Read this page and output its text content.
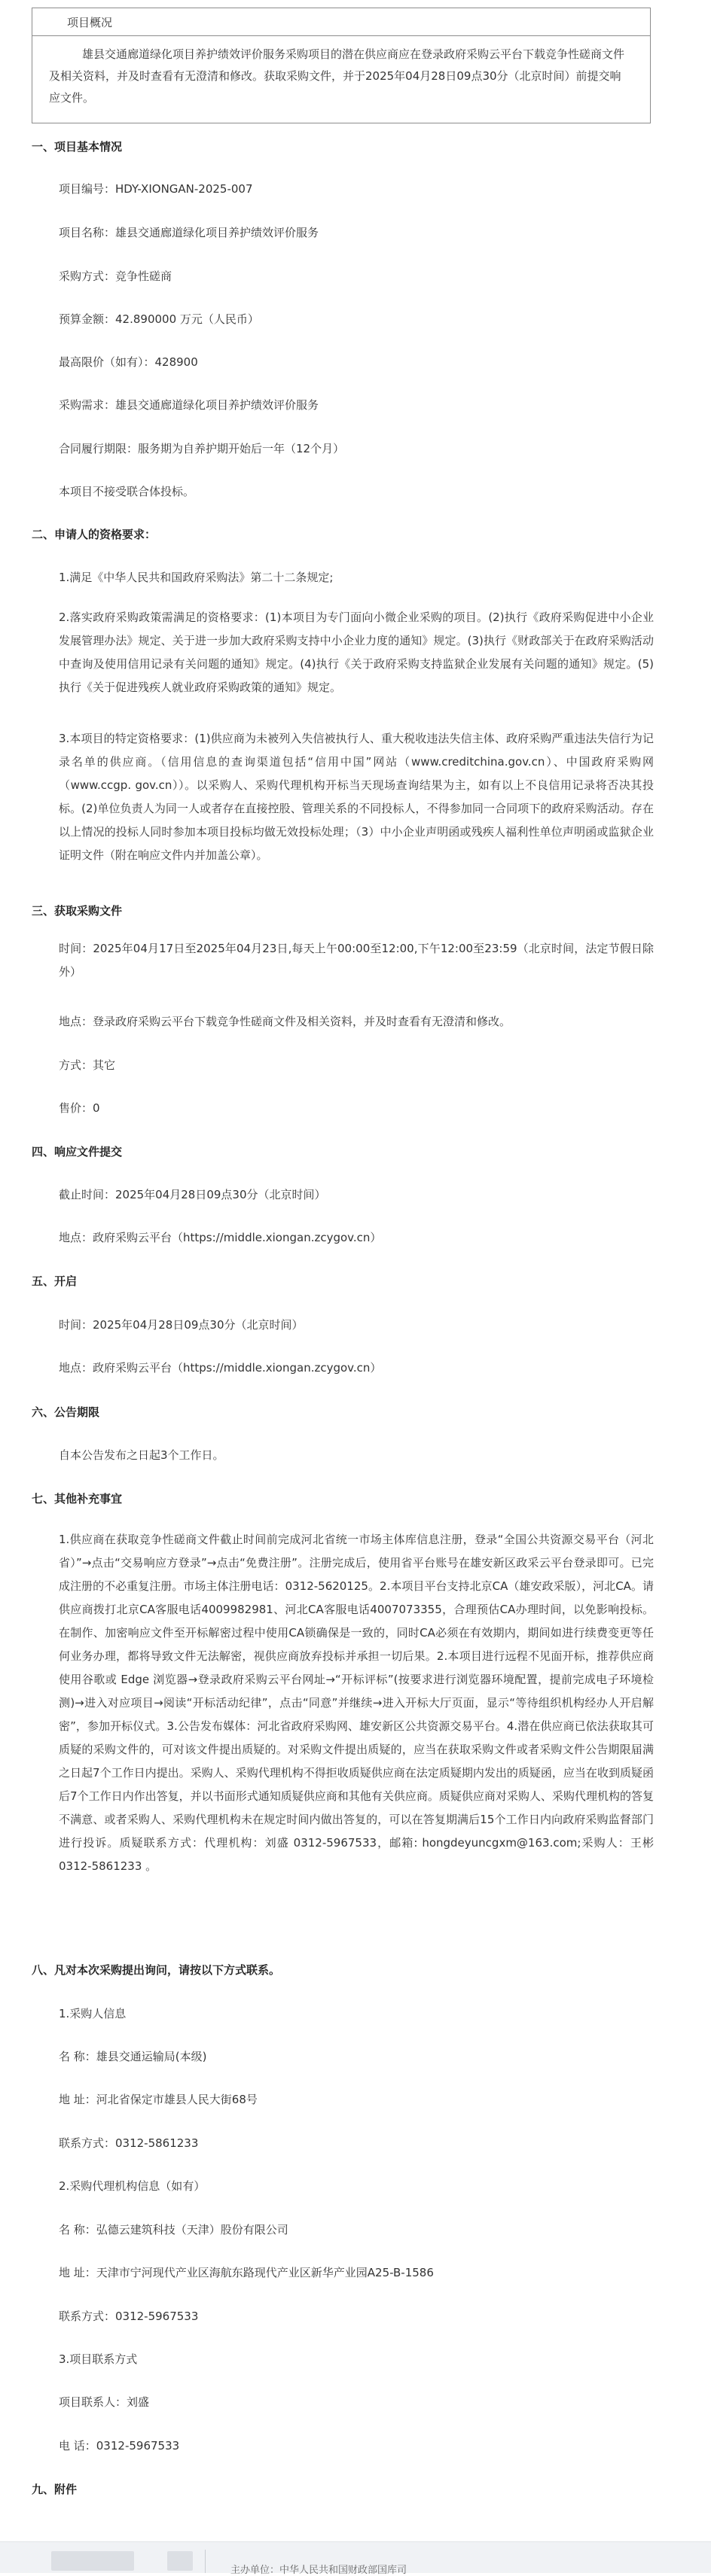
项目概况
雄县交通廊道绿化项目养护绩效评价服务采购项目的潜在供应商应在登录政府采购云平台下载竞争性磋商文件及相关资料，并及时查看有无澄清和修改。获取采购文件，并于2025年04月28日09点30分（北京时间）前提交响应文件。
一、项目基本情况
项目编号：HDY-XIONGAN-2025-007
项目名称：雄县交通廊道绿化项目养护绩效评价服务
采购方式：竞争性磋商
预算金额：42.890000 万元（人民币）
最高限价（如有）：428900
采购需求：雄县交通廊道绿化项目养护绩效评价服务
合同履行期限：服务期为自养护期开始后一年（12个月）
本项目不接受联合体投标。
二、申请人的资格要求：
1.满足《中华人民共和国政府采购法》第二十二条规定;

2.落实政府采购政策需满足的资格要求：(1)本项目为专门面向小微企业采购的项目。(2)执行《政府采购促进中小企业发展管理办法》规定、关于进一步加大政府采购支持中小企业力度的通知》规定。(3)执行《财政部关于在政府采购活动中查询及使用信用记录有关问题的通知》规定。(4)执行《关于政府采购支持监狱企业发展有关问题的通知》规定。(5)执行《关于促进残疾人就业政府采购政策的通知》规定。

3.本项目的特定资格要求：(1)供应商为未被列入失信被执行人、重大税收违法失信主体、政府采购严重违法失信行为记录名单的供应商。（信用信息的查询渠道包括“信用中国”网站（www.creditchina.gov.cn）、中国政府采购网（www.ccgp. gov.cn））。以采购人、采购代理机构开标当天现场查询结果为主，如有以上不良信用记录将否决其投标。(2)单位负责人为同一人或者存在直接控股、管理关系的不同投标人，不得参加同一合同项下的政府采购活动。存在以上情况的投标人同时参加本项目投标均做无效投标处理；（3）中小企业声明函或残疾人福利性单位声明函或监狱企业证明文件（附在响应文件内并加盖公章）。

三、获取采购文件

时间：2025年04月17日至2025年04月23日,每天上午00:00至12:00,下午12:00至23:59（北京时间，法定节假日除外）

地点：登录政府采购云平台下载竞争性磋商文件及相关资料，并及时查看有无澄清和修改。
方式：其它
售价：0
四、响应文件提交
截止时间：2025年04月28日09点30分（北京时间）
地点：政府采购云平台（https://middle.xiongan.zcygov.cn）
五、开启
时间：2025年04月28日09点30分（北京时间）
地点：政府采购云平台（https://middle.xiongan.zcygov.cn）
六、公告期限
自本公告发布之日起3个工作日。
七、其他补充事宜

1.供应商在获取竞争性磋商文件截止时间前完成河北省统一市场主体库信息注册，登录“全国公共资源交易平台（河北省）”→点击“交易响应方登录”→点击“免费注册”。注册完成后，使用省平台账号在雄安新区政采云平台登录即可。已完成注册的不必重复注册。市场主体注册电话：0312-5620125。2.本项目平台支持北京CA（雄安政采版），河北CA。请供应商拨打北京CA客服电话4009982981、河北CA客服电话4007073355，合理预估CA办理时间，以免影响投标。在制作、加密响应文件至开标解密过程中使用CA锁确保是一致的，同时CA必须在有效期内，期间如进行续费变更等任何业务办理，都将导致文件无法解密，视供应商放弃投标并承担一切后果。2.本项目进行远程不见面开标，推荐供应商使用谷歌或 Edge 浏览器→登录政府采购云平台网址→“开标评标”(按要求进行浏览器环境配置，提前完成电子环境检测)→进入对应项目→阅读“开标活动纪律”，点击“同意”并继续→进入开标大厅页面，显示“等待组织机构经办人开启解密”，参加开标仪式。3.公告发布媒体：河北省政府采购网、雄安新区公共资源交易平台。4.潜在供应商已依法获取其可质疑的采购文件的，可对该文件提出质疑的。对采购文件提出质疑的，应当在获取采购文件或者采购文件公告期限届满之日起7个工作日内提出。采购人、采购代理机构不得拒收质疑供应商在法定质疑期内发出的质疑函，应当在收到质疑函后7个工作日内作出答复，并以书面形式通知质疑供应商和其他有关供应商。质疑供应商对采购人、采购代理机构的答复不满意、或者采购人、采购代理机构未在规定时间内做出答复的，可以在答复期满后15个工作日内向政府采购监督部门进行投诉。质疑联系方式：代理机构：刘盛 0312-5967533，邮箱: hongdeyuncgxm@163.com;采购人：王彬 0312-5861233 。

八、凡对本次采购提出询问，请按以下方式联系。
1.采购人信息
名 称：雄县交通运输局(本级)
地 址：河北省保定市雄县人民大街68号
联系方式：0312-5861233
2.采购代理机构信息（如有）
名 称：弘德云建筑科技（天津）股份有限公司
地 址：天津市宁河现代产业区海航东路现代产业区新华产业园A25-B-1586
联系方式：0312-5967533
3.项目联系方式
项目联系人：刘盛
电 话：0312-5967533
九、附件
主办单位：中华人民共和国财政部国库司
